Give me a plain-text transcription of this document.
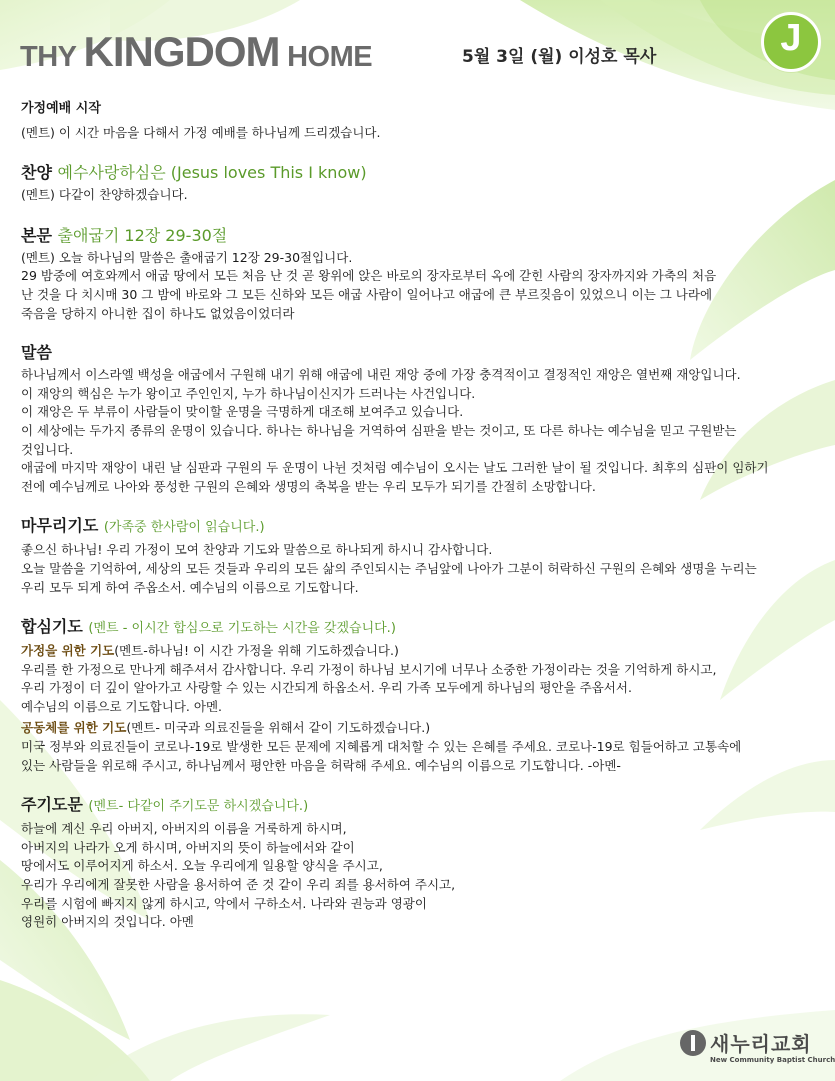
THY KINGDOM HOME	5월 3일 (월) 이성호 목사	J
가정예배 시작

(멘트) 이 시간 마음을 다해서 가정 예배를 하나님께 드리겠습니다.

찬양 예수사랑하심은 (Jesus loves This I know)

(멘트) 다같이 찬양하겠습니다.

본문 출애굽기 12장 29-30절

(멘트) 오늘 하나님의 말씀은 출애굽기 12장 29-30절입니다.

29 밤중에 여호와께서 애굽 땅에서 모든 처음 난 것 곧 왕위에 앉은 바로의 장자로부터 옥에 갇힌 사람의 장자까지와 가축의 처음

난 것을 다 치시매 30 그 밤에 바로와 그 모든 신하와 모든 애굽 사람이 일어나고 애굽에 큰 부르짖음이 있었으니 이는 그 나라에

죽음을 당하지 아니한 집이 하나도 없었음이었더라

말씀

하나님께서 이스라엘 백성을 애굽에서 구원해 내기 위해 애굽에 내린 재앙 중에 가장 충격적이고 결정적인 재앙은 열번째 재앙입니다.

이 재앙의 핵심은 누가 왕이고 주인인지, 누가 하나님이신지가 드러나는 사건입니다.

이 재앙은 두 부류이 사람들이 맞이할 운명을 극명하게 대조해 보여주고 있습니다.

이 세상에는 두가지 종류의 운명이 있습니다. 하나는 하나님을 거역하여 심판을 받는 것이고, 또 다른 하나는 예수님을 믿고 구원받는

것입니다.

애굽에 마지막 재앙이 내린 날 심판과 구원의 두 운명이 나뉜 것처럼 예수님이 오시는 날도 그러한 날이 될 것입니다. 최후의 심판이 임하기

전에 예수님께로 나아와 풍성한 구원의 은혜와 생명의 축복을 받는 우리 모두가 되기를 간절히 소망합니다.

마무리기도 (가족중 한사람이 읽습니다.)

좋으신 하나님! 우리 가정이 모여 찬양과 기도와 말씀으로 하나되게 하시니 감사합니다.

오늘 말씀을 기억하여, 세상의 모든 것들과 우리의 모든 삶의 주인되시는 주님앞에 나아가 그분이 허락하신 구원의 은혜와 생명을 누리는

우리 모두 되게 하여 주옵소서. 예수님의 이름으로 기도합니다.

합심기도 (멘트 - 이시간 합심으로 기도하는 시간을 갖겠습니다.)

가정을 위한 기도(멘트-하나님! 이 시간 가정을 위해 기도하겠습니다.)

우리를 한 가정으로 만나게 해주셔서 감사합니다. 우리 가정이 하나님 보시기에 너무나 소중한 가정이라는 것을 기억하게 하시고,

우리 가정이 더 깊이 알아가고 사랑할 수 있는 시간되게 하옵소서. 우리 가족 모두에게 하나님의 평안을 주옵서서.

예수님의 이름으로 기도합니다. 아멘.

공동체를 위한 기도(멘트- 미국과 의료진들을 위해서 같이 기도하겠습니다.)

미국 정부와 의료진들이 코로나-19로 발생한 모든 문제에 지혜롭게 대처할 수 있는 은혜를 주세요. 코로나-19로 힘들어하고 고통속에

있는 사람들을 위로해 주시고, 하나님께서 평안한 마음을 허락해 주세요. 예수님의 이름으로 기도합니다. -아멘-

주기도문 (멘트- 다같이 주기도문 하시겠습니다.)

하늘에 계신 우리 아버지, 아버지의 이름을 거룩하게 하시며,

아버지의 나라가 오게 하시며, 아버지의 뜻이 하늘에서와 같이

땅에서도 이루어지게 하소서. 오늘 우리에게 일용할 양식을 주시고,

우리가 우리에게 잘못한 사람을 용서하여 준 것 같이 우리 죄를 용서하여 주시고,

우리를 시험에 빠지지 않게 하시고, 악에서 구하소서. 나라와 권능과 영광이

영원히 아버지의 것입니다. 아멘

새누리교회
New Community Baptist Church
